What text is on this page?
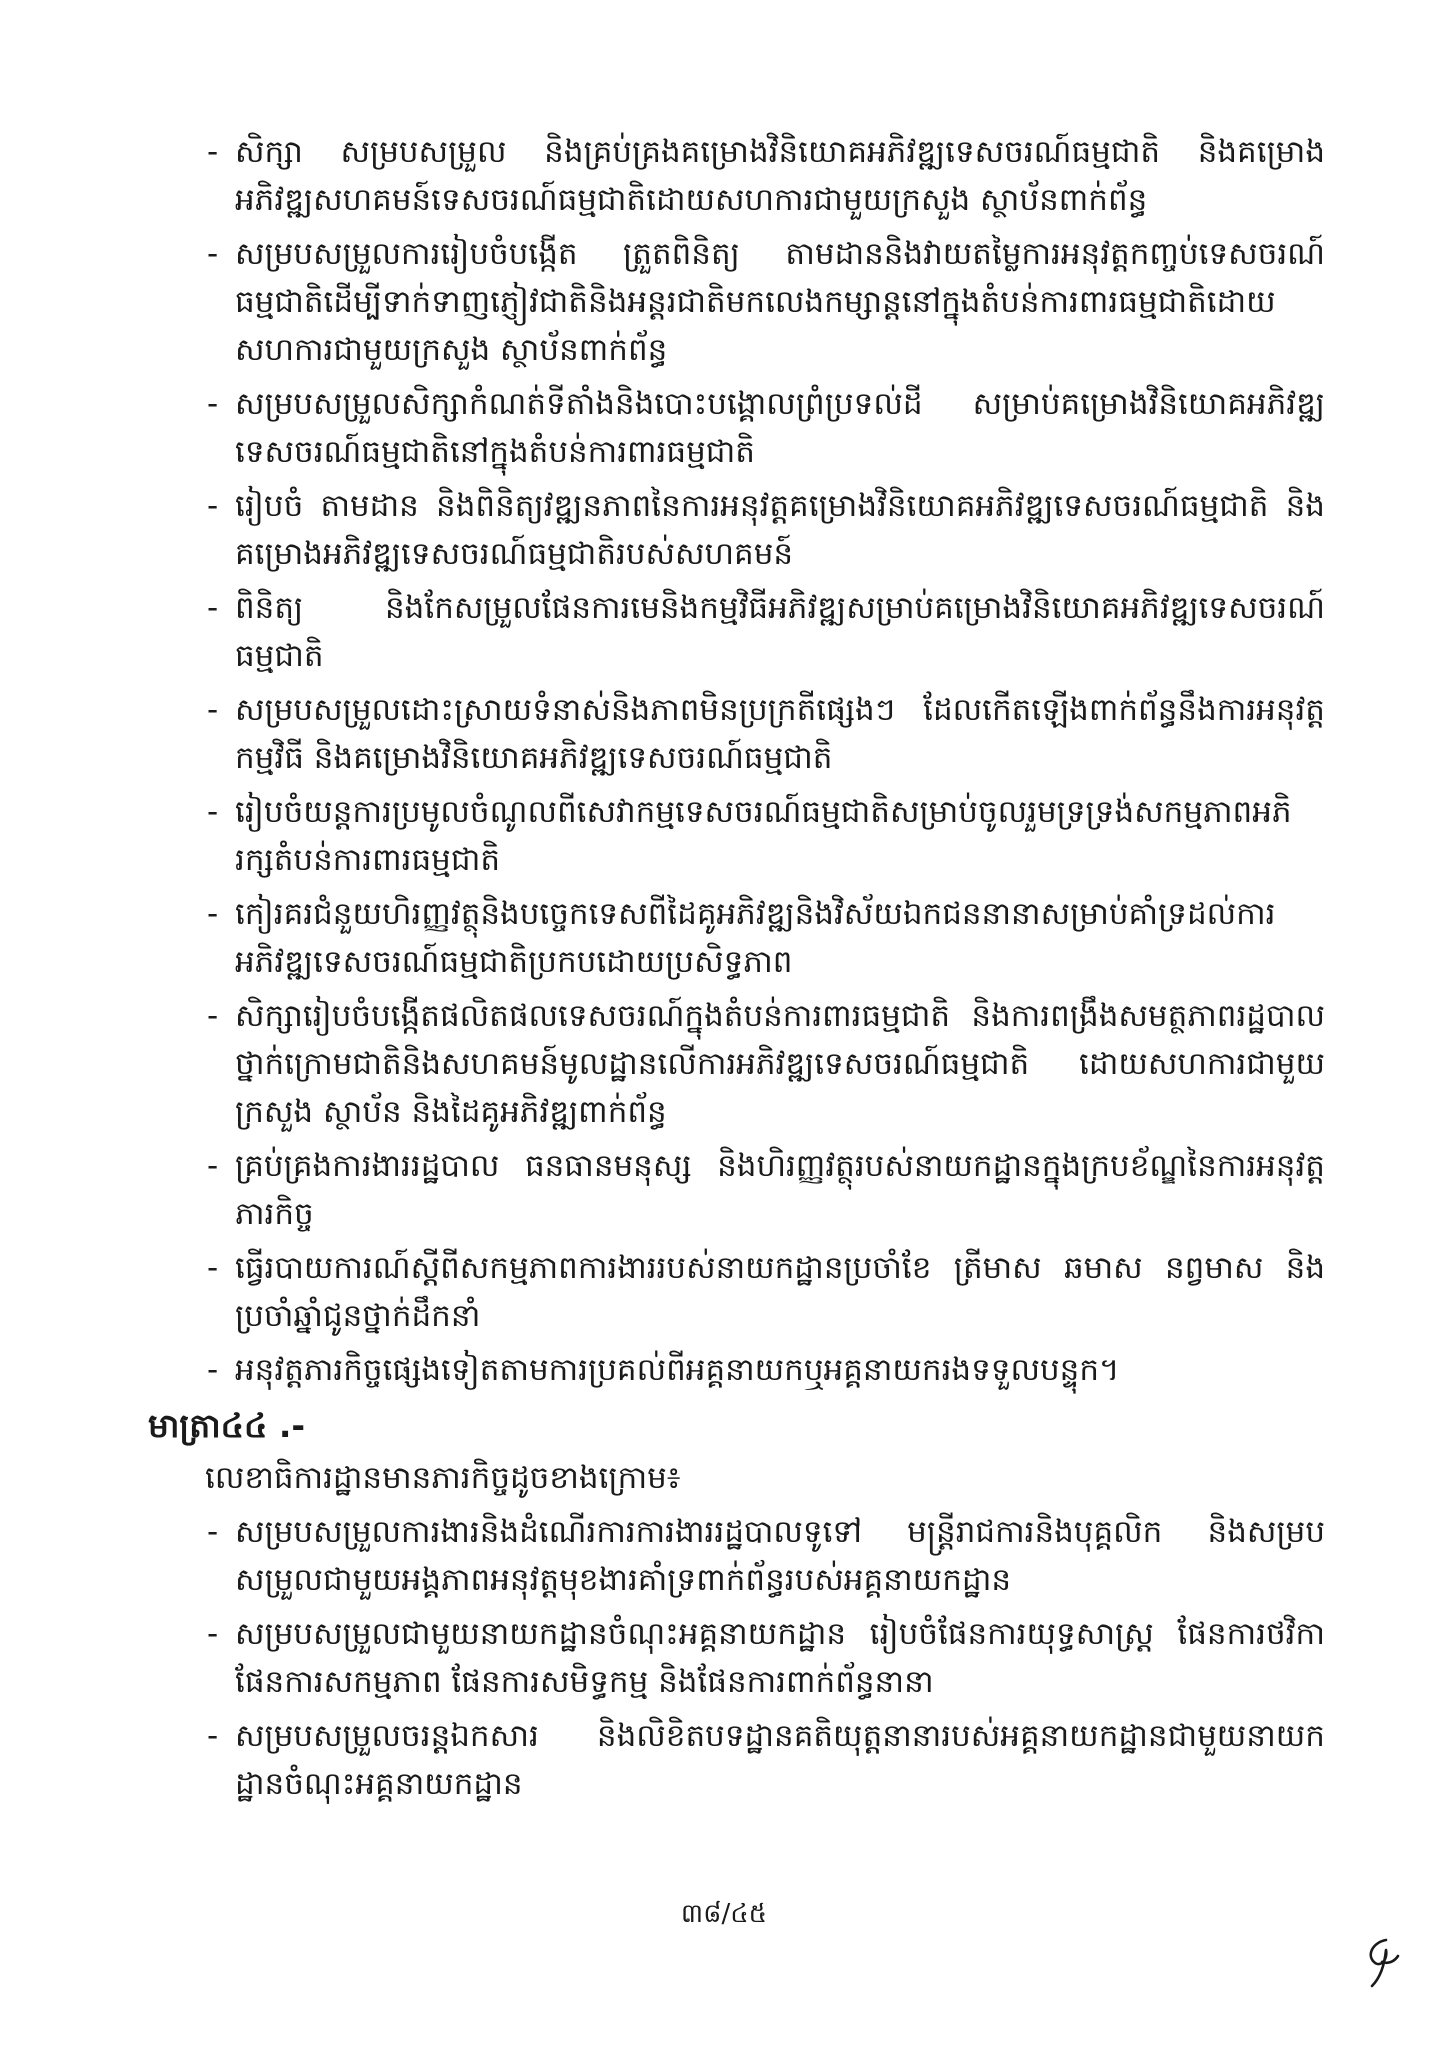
- សិក្សា សម្របសម្រួល និងគ្រប់គ្រងគម្រោងវិនិយោគអភិវឌ្ឍទេសចរណ៍ធម្មជាតិ និងគម្រោងអភិវឌ្ឍសហគមន៍ទេសចរណ៍ធម្មជាតិដោយសហការជាមួយក្រសួង ស្ថាប័នពាក់ព័ន្ធ
- សម្របសម្រួលការរៀបចំបង្កើត ត្រួតពិនិត្យ តាមដាននិងវាយតម្លៃការអនុវត្តកញ្ចប់ទេសចរណ៍ធម្មជាតិដើម្បីទាក់ទាញភ្ញៀវជាតិនិងអន្តរជាតិមកលេងកម្សាន្តនៅក្នុងតំបន់ការពារធម្មជាតិដោយសហការជាមួយក្រសួង ស្ថាប័នពាក់ព័ន្ធ
- សម្របសម្រួលសិក្សាកំណត់ទីតាំងនិងបោះបង្គោលព្រំប្រទល់ដី សម្រាប់គម្រោងវិនិយោគអភិវឌ្ឍទេសចរណ៍ធម្មជាតិនៅក្នុងតំបន់ការពារធម្មជាតិ
- រៀបចំ តាមដាន និងពិនិត្យវឌ្ឍនភាពនៃការអនុវត្តគម្រោងវិនិយោគអភិវឌ្ឍទេសចរណ៍ធម្មជាតិ និងគម្រោងអភិវឌ្ឍទេសចរណ៍ធម្មជាតិរបស់សហគមន៍
- ពិនិត្យ និងកែសម្រួលផែនការមេនិងកម្មវិធីអភិវឌ្ឍសម្រាប់គម្រោងវិនិយោគអភិវឌ្ឍទេសចរណ៍ធម្មជាតិ
- សម្របសម្រួលដោះស្រាយទំនាស់និងភាពមិនប្រក្រតីផ្សេងៗ ដែលកើតឡើងពាក់ព័ន្ធនឹងការអនុវត្តកម្មវិធី និងគម្រោងវិនិយោគអភិវឌ្ឍទេសចរណ៍ធម្មជាតិ
- រៀបចំយន្តការប្រមូលចំណូលពីសេវាកម្មទេសចរណ៍ធម្មជាតិសម្រាប់ចូលរួមទ្រទ្រង់សកម្មភាពអភិរក្សតំបន់ការពារធម្មជាតិ
- កៀរគរជំនួយហិរញ្ញវត្ថុនិងបច្ចេកទេសពីដៃគូអភិវឌ្ឍនិងវិស័យឯកជននានាសម្រាប់គាំទ្រដល់ការអភិវឌ្ឍទេសចរណ៍ធម្មជាតិប្រកបដោយប្រសិទ្ធភាព
- សិក្សារៀបចំបង្កើតផលិតផលទេសចរណ៍ក្នុងតំបន់ការពារធម្មជាតិ និងការពង្រឹងសមត្ថភាពរដ្ឋបាលថ្នាក់ក្រោមជាតិនិងសហគមន៍មូលដ្ឋានលើការអភិវឌ្ឍទេសចរណ៍ធម្មជាតិ ដោយសហការជាមួយក្រសួង ស្ថាប័ន និងដៃគូអភិវឌ្ឍពាក់ព័ន្ធ
- គ្រប់គ្រងការងាររដ្ឋបាល ធនធានមនុស្ស និងហិរញ្ញវត្ថុរបស់នាយកដ្ឋានក្នុងក្របខ័ណ្ឌនៃការអនុវត្តភារកិច្ច
- ធ្វើរបាយការណ៍ស្ដីពីសកម្មភាពការងាររបស់នាយកដ្ឋានប្រចាំខែ ត្រីមាស ឆមាស នព្វមាស និងប្រចាំឆ្នាំជូនថ្នាក់ដឹកនាំ
- អនុវត្តភារកិច្ចផ្សេងទៀតតាមការប្រគល់ពីអគ្គនាយកឬអគ្គនាយករងទទួលបន្ទុក។
មាត្រា៤៤ .-
លេខាធិការដ្ឋានមានភារកិច្ចដូចខាងក្រោម៖
- សម្របសម្រួលការងារនិងដំណើរការការងាររដ្ឋបាលទូទៅ មន្ត្រីរាជការនិងបុគ្គលិក និងសម្របសម្រួលជាមួយអង្គភាពអនុវត្តមុខងារគាំទ្រពាក់ព័ន្ធរបស់អគ្គនាយកដ្ឋាន
- សម្របសម្រួលជាមួយនាយកដ្ឋានចំណុះអគ្គនាយកដ្ឋាន រៀបចំផែនការយុទ្ធសាស្ត្រ ផែនការថវិកា ផែនការសកម្មភាព ផែនការសមិទ្ធកម្ម និងផែនការពាក់ព័ន្ធនានា
- សម្របសម្រួលចរន្តឯកសារ និងលិខិតបទដ្ឋានគតិយុត្តនានារបស់អគ្គនាយកដ្ឋានជាមួយនាយកដ្ឋានចំណុះអគ្គនាយកដ្ឋាន
៣៨/៤៥
